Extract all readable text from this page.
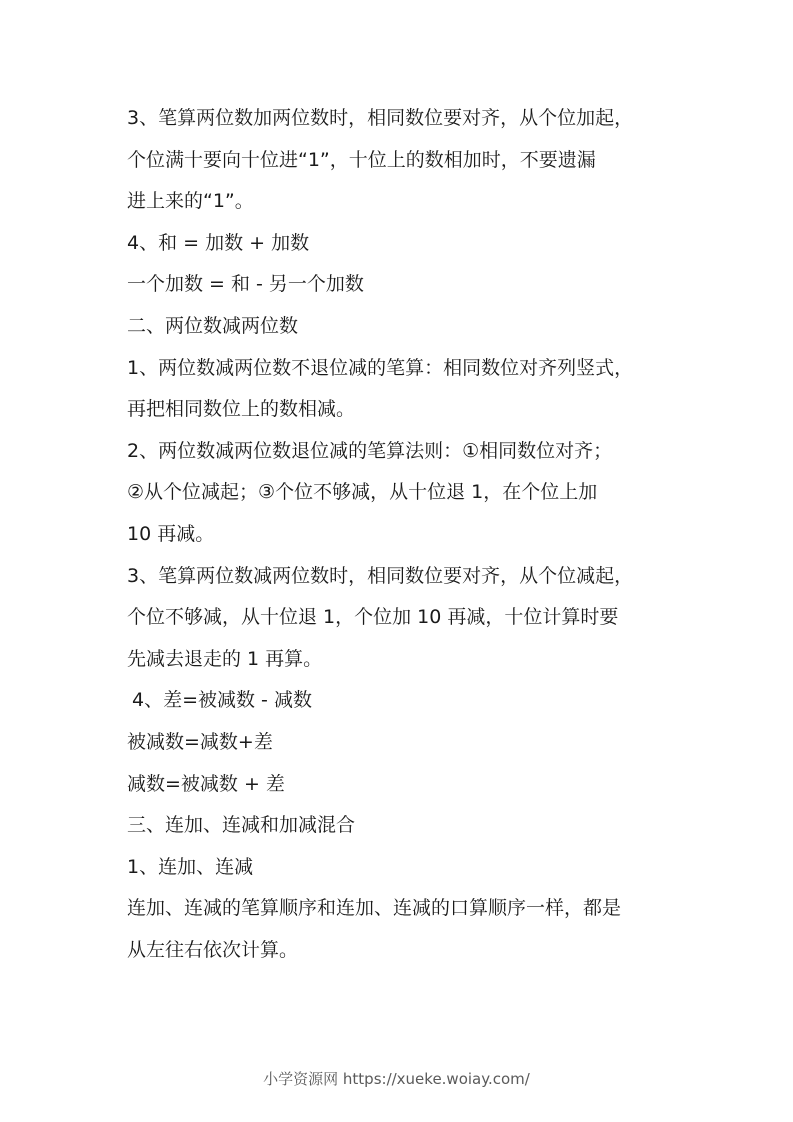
3、笔算两位数加两位数时，相同数位要对齐，从个位加起，
个位满十要向十位进“1”，十位上的数相加时，不要遗漏
进上来的“1”。
4、和 = 加数 + 加数
一个加数 = 和 - 另一个加数
二、两位数减两位数
1、两位数减两位数不退位减的笔算：相同数位对齐列竖式，
再把相同数位上的数相减。
2、两位数减两位数退位减的笔算法则：①相同数位对齐；
②从个位减起；③个位不够减，从十位退 1，在个位上加
10 再减。
3、笔算两位数减两位数时，相同数位要对齐，从个位减起，
个位不够减，从十位退 1，个位加 10 再减，十位计算时要
先减去退走的 1 再算。
4、差=被减数 - 减数
被减数=减数+差
减数=被减数 + 差
三、连加、连减和加减混合
1、连加、连减
连加、连减的笔算顺序和连加、连减的口算顺序一样，都是
从左往右依次计算。
小学资源网 https://xueke.woiay.com/
